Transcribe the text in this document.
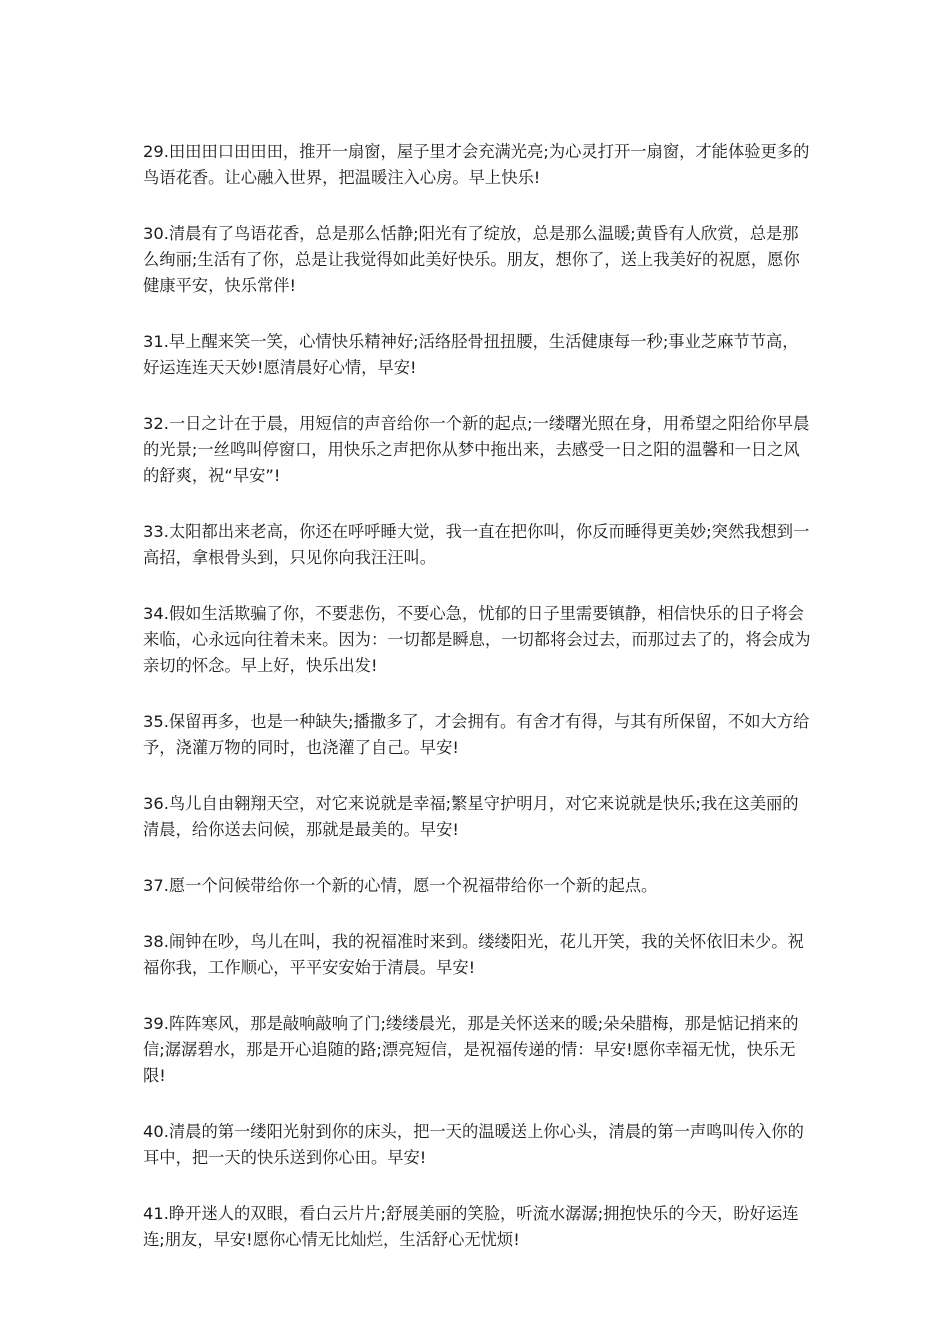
29.田田田口田田田，推开一扇窗，屋子里才会充满光亮;为心灵打开一扇窗，才能体验更多的鸟语花香。让心融入世界，把温暖注入心房。早上快乐!

30.清晨有了鸟语花香，总是那么恬静;阳光有了绽放，总是那么温暖;黄昏有人欣赏，总是那么绚丽;生活有了你，总是让我觉得如此美好快乐。朋友，想你了，送上我美好的祝愿，愿你健康平安，快乐常伴!

31.早上醒来笑一笑，心情快乐精神好;活络胫骨扭扭腰，生活健康每一秒;事业芝麻节节高，好运连连天天妙!愿清晨好心情，早安!

32.一日之计在于晨，用短信的声音给你一个新的起点;一缕曙光照在身，用希望之阳给你早晨的光景;一丝鸣叫停窗口，用快乐之声把你从梦中拖出来，去感受一日之阳的温馨和一日之风的舒爽，祝“早安”!

33.太阳都出来老高，你还在呼呼睡大觉，我一直在把你叫，你反而睡得更美妙;突然我想到一高招，拿根骨头到，只见你向我汪汪叫。

34.假如生活欺骗了你，不要悲伤，不要心急，忧郁的日子里需要镇静，相信快乐的日子将会来临，心永远向往着未来。因为：一切都是瞬息，一切都将会过去，而那过去了的，将会成为亲切的怀念。早上好，快乐出发!

35.保留再多，也是一种缺失;播撒多了，才会拥有。有舍才有得，与其有所保留，不如大方给予，浇灌万物的同时，也浇灌了自己。早安!

36.鸟儿自由翱翔天空，对它来说就是幸福;繁星守护明月，对它来说就是快乐;我在这美丽的清晨，给你送去问候，那就是最美的。早安!

37.愿一个问候带给你一个新的心情，愿一个祝福带给你一个新的起点。

38.闹钟在吵，鸟儿在叫，我的祝福准时来到。缕缕阳光，花儿开笑，我的关怀依旧未少。祝福你我，工作顺心，平平安安始于清晨。早安!

39.阵阵寒风，那是敲响敲响了门;缕缕晨光，那是关怀送来的暖;朵朵腊梅，那是惦记捎来的信;潺潺碧水，那是开心追随的路;漂亮短信，是祝福传递的情：早安!愿你幸福无忧，快乐无限!

40.清晨的第一缕阳光射到你的床头，把一天的温暖送上你心头，清晨的第一声鸣叫传入你的耳中，把一天的快乐送到你心田。早安!

41.睁开迷人的双眼，看白云片片;舒展美丽的笑脸，听流水潺潺;拥抱快乐的今天，盼好运连连;朋友，早安!愿你心情无比灿烂，生活舒心无忧烦!
